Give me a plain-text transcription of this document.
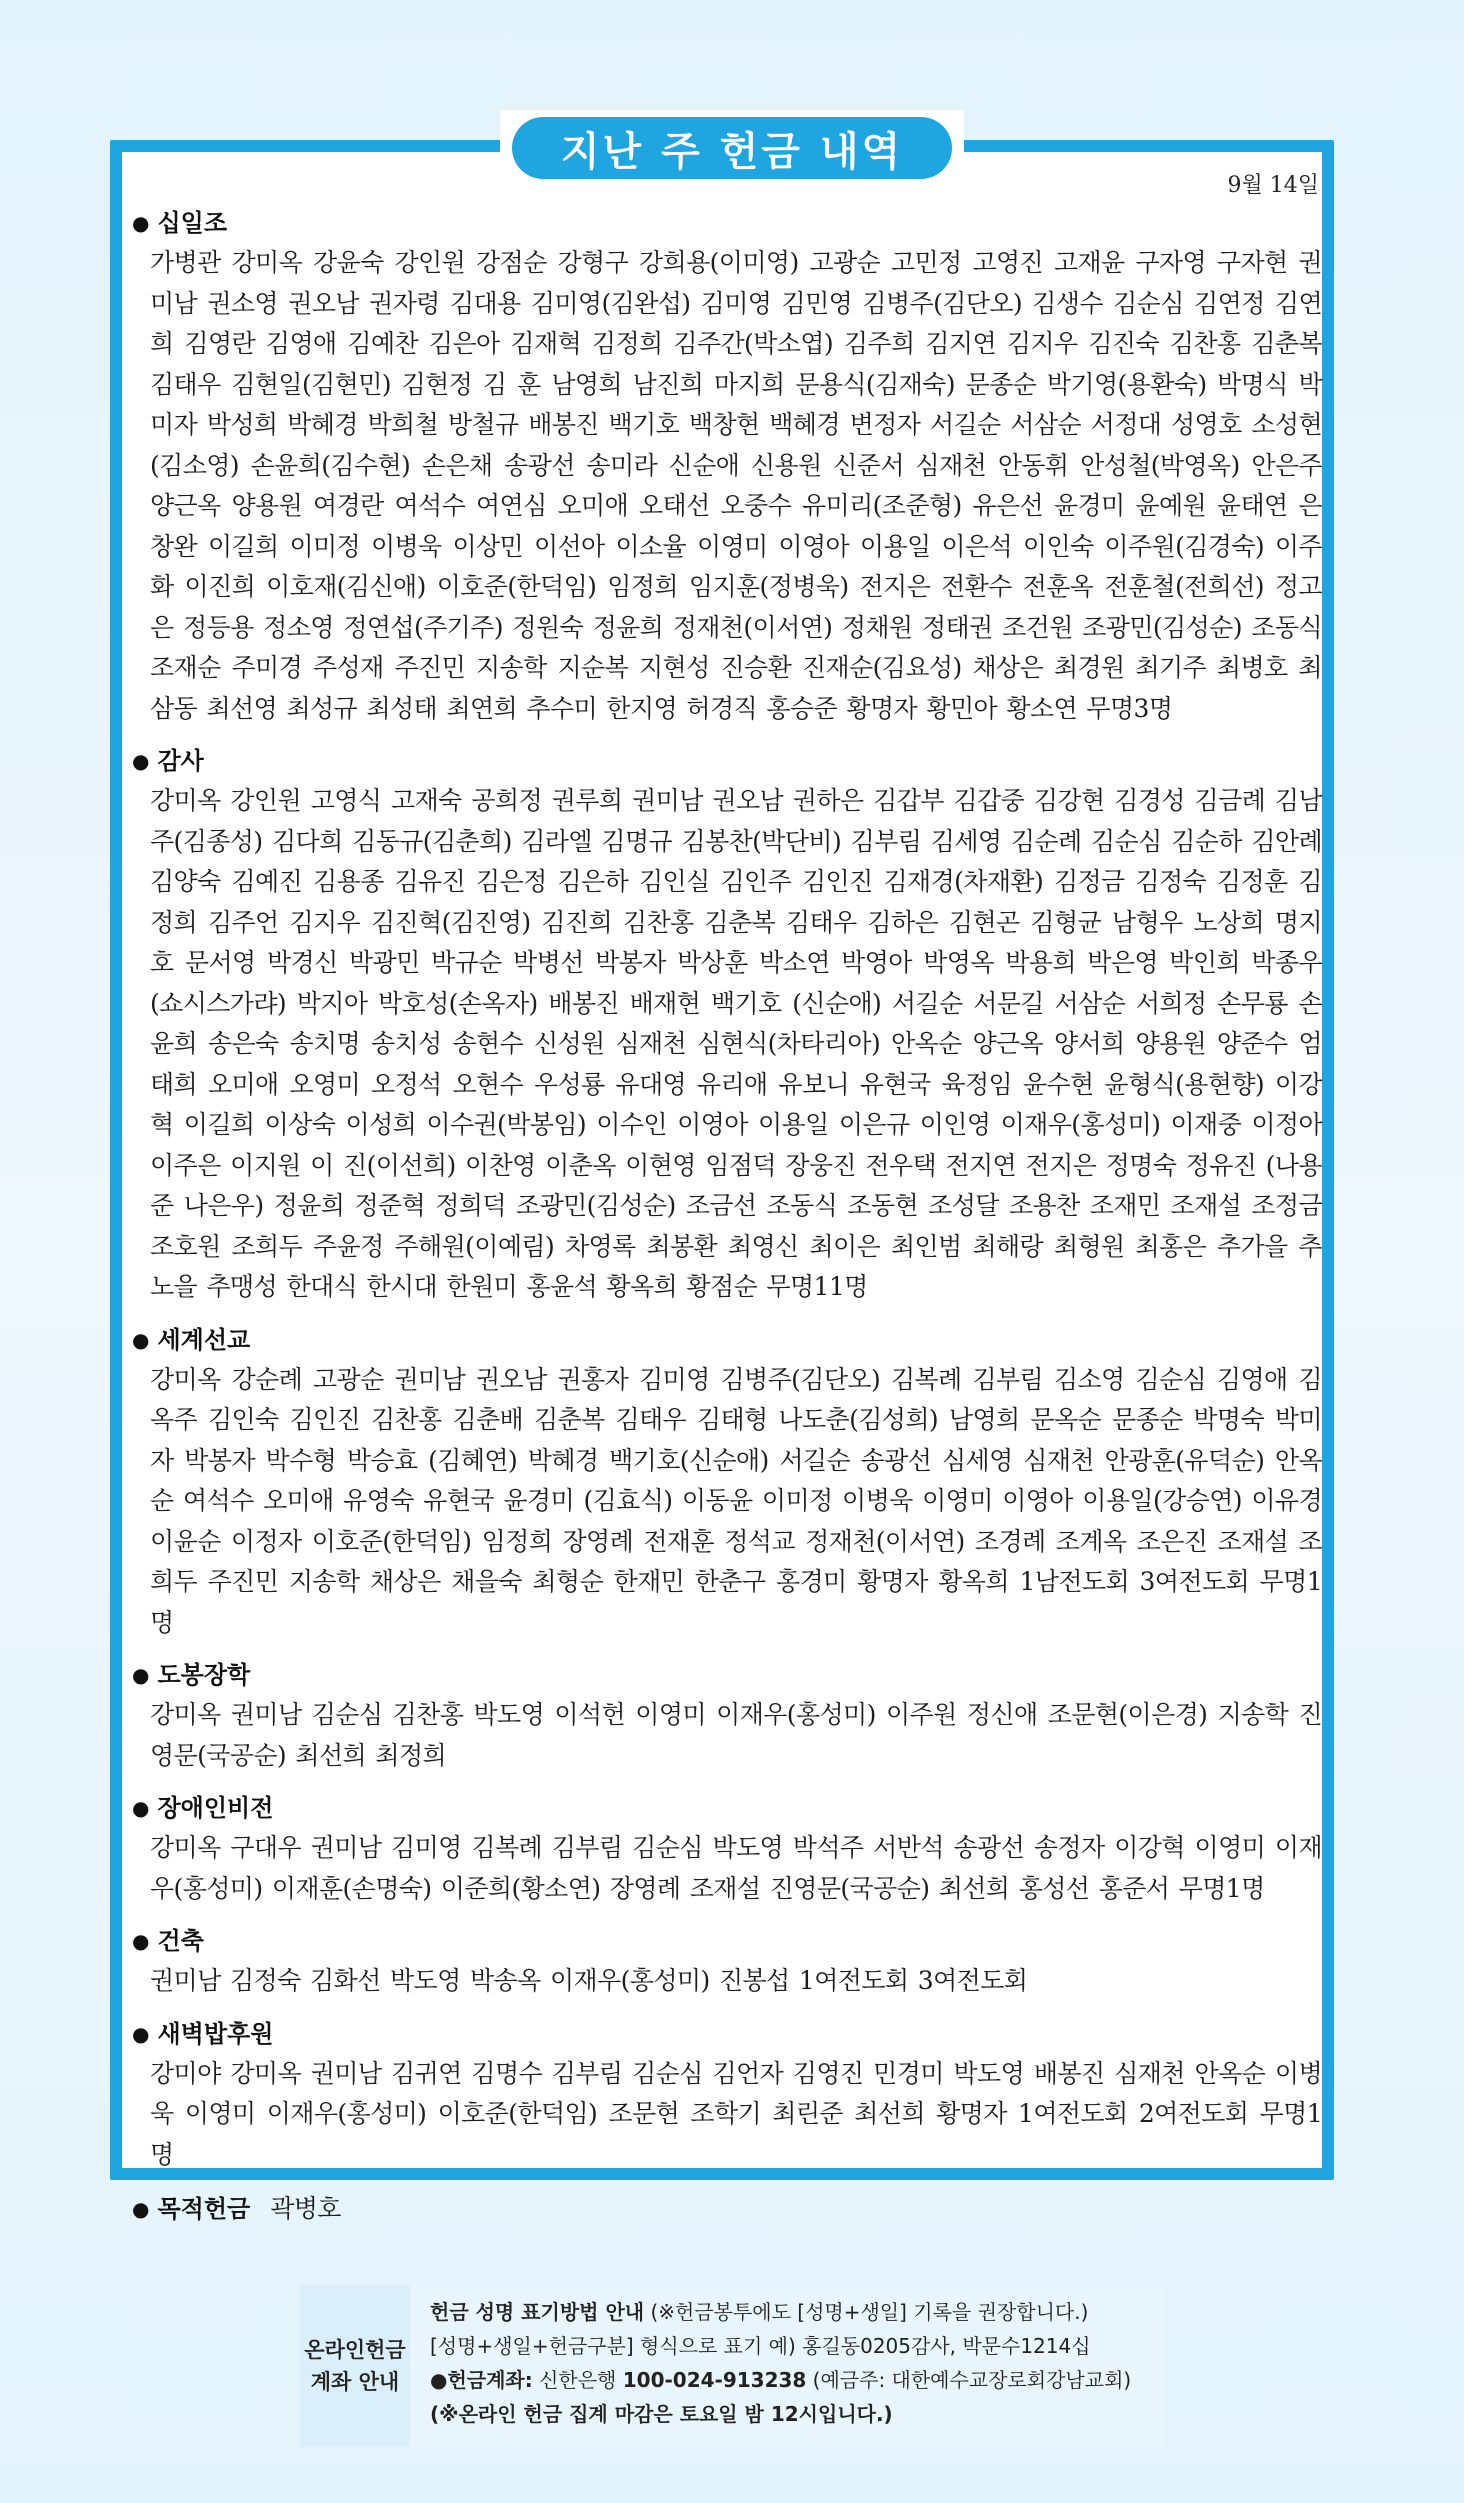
지난 주 헌금 내역
9월 14일
● 십일조
가병관 강미옥 강윤숙 강인원 강점순 강형구 강희용(이미영) 고광순 고민정 고영진 고재윤 구자영 구자현 권미남 권소영 권오남 권자령 김대용 김미영(김완섭) 김미영 김민영 김병주(김단오) 김생수 김순심 김연정 김연희 김영란 김영애 김예찬 김은아 김재혁 김정희 김주간(박소엽) 김주희 김지연 김지우 김진숙 김찬홍 김춘복 김태우 김현일(김현민) 김현정 김 훈 남영희 남진희 마지희 문용식(김재숙) 문종순 박기영(용환숙) 박명식 박미자 박성희 박혜경 박희철 방철규 배봉진 백기호 백창현 백혜경 변정자 서길순 서삼순 서정대 성영호 소성현(김소영) 손윤희(김수현) 손은채 송광선 송미라 신순애 신용원 신준서 심재천 안동휘 안성철(박영옥) 안은주 양근옥 양용원 여경란 여석수 여연심 오미애 오태선 오중수 유미리(조준형) 유은선 윤경미 윤예원 윤태연 은창완 이길희 이미정 이병욱 이상민 이선아 이소율 이영미 이영아 이용일 이은석 이인숙 이주원(김경숙) 이주화 이진희 이호재(김신애) 이호준(한덕임) 임정희 임지훈(정병욱) 전지은 전환수 전훈옥 전훈철(전희선) 정고은 정등용 정소영 정연섭(주기주) 정원숙 정윤희 정재천(이서연) 정채원 정태권 조건원 조광민(김성순) 조동식 조재순 주미경 주성재 주진민 지송학 지순복 지현성 진승환 진재순(김요성) 채상은 최경원 최기주 최병호 최삼동 최선영 최성규 최성태 최연희 추수미 한지영 허경직 홍승준 황명자 황민아 황소연 무명3명
● 감사
강미옥 강인원 고영식 고재숙 공희정 권루희 권미남 권오남 권하은 김갑부 김갑중 김강현 김경성 김금례 김남주(김종성) 김다희 김동규(김춘희) 김라엘 김명규 김봉찬(박단비) 김부림 김세영 김순례 김순심 김순하 김안례 김양숙 김예진 김용종 김유진 김은정 김은하 김인실 김인주 김인진 김재경(차재환) 김정금 김정숙 김정훈 김정희 김주언 김지우 김진혁(김진영) 김진희 김찬홍 김춘복 김태우 김하은 김현곤 김형균 남형우 노상희 명지호 문서영 박경신 박광민 박규순 박병선 박봉자 박상훈 박소연 박영아 박영옥 박용희 박은영 박인희 박종우(쇼시스가랴) 박지아 박호성(손옥자) 배봉진 배재현 백기호 (신순애) 서길순 서문길 서삼순 서희정 손무룡 손윤희 송은숙 송치명 송치성 송현수 신성원 심재천 심현식(차타리아) 안옥순 양근옥 양서희 양용원 양준수 엄태희 오미애 오영미 오정석 오현수 우성룡 유대영 유리애 유보니 유현국 육정임 윤수현 윤형식(용현향) 이강혁 이길희 이상숙 이성희 이수권(박봉임) 이수인 이영아 이용일 이은규 이인영 이재우(홍성미) 이재중 이정아 이주은 이지원 이 진(이선희) 이찬영 이춘옥 이현영 임점덕 장웅진 전우택 전지연 전지은 정명숙 정유진 (나용준 나은우) 정윤희 정준혁 정희덕 조광민(김성순) 조금선 조동식 조동현 조성달 조용찬 조재민 조재설 조정금 조호원 조희두 주윤정 주해원(이예림) 차영록 최봉환 최영신 최이은 최인범 최해랑 최형원 최홍은 추가을 추노을 추맹성 한대식 한시대 한원미 홍윤석 황옥희 황점순 무명11명
● 세계선교
강미옥 강순례 고광순 권미남 권오남 권홍자 김미영 김병주(김단오) 김복례 김부림 김소영 김순심 김영애 김옥주 김인숙 김인진 김찬홍 김춘배 김춘복 김태우 김태형 나도춘(김성희) 남영희 문옥순 문종순 박명숙 박미자 박봉자 박수형 박승효 (김혜연) 박혜경 백기호(신순애) 서길순 송광선 심세영 심재천 안광훈(유덕순) 안옥순 여석수 오미애 유영숙 유현국 윤경미 (김효식) 이동윤 이미정 이병욱 이영미 이영아 이용일(강승연) 이유경 이윤순 이정자 이호준(한덕임) 임정희 장영례 전재훈 정석교 정재천(이서연) 조경례 조계옥 조은진 조재설 조희두 주진민 지송학 채상은 채을숙 최형순 한재민 한춘구 홍경미 황명자 황옥희 1남전도회 3여전도회 무명1명
● 도봉장학
강미옥 권미남 김순심 김찬홍 박도영 이석헌 이영미 이재우(홍성미) 이주원 정신애 조문현(이은경) 지송학 진영문(국공순) 최선희 최정희
● 장애인비전
강미옥 구대우 권미남 김미영 김복례 김부림 김순심 박도영 박석주 서반석 송광선 송정자 이강혁 이영미 이재우(홍성미) 이재훈(손명숙) 이준희(황소연) 장영례 조재설 진영문(국공순) 최선희 홍성선 홍준서 무명1명
● 건축
권미남 김정숙 김화선 박도영 박송옥 이재우(홍성미) 진봉섭 1여전도회 3여전도회
● 새벽밥후원
강미야 강미옥 권미남 김귀연 김명수 김부림 김순심 김언자 김영진 민경미 박도영 배봉진 심재천 안옥순 이병욱 이영미 이재우(홍성미) 이호준(한덕임) 조문현 조학기 최린준 최선희 황명자 1여전도회 2여전도회 무명1명
● 목적헌금 곽병호
온라인헌금
계좌 안내
헌금 성명 표기방법 안내 (※헌금봉투에도 [성명+생일] 기록을 권장합니다.)
[성명+생일+헌금구분] 형식으로 표기 예) 홍길동0205감사, 박문수1214십
●헌금계좌: 신한은행 100-024-913238 (예금주: 대한예수교장로회강남교회)
(※온라인 헌금 집계 마감은 토요일 밤 12시입니다.)
